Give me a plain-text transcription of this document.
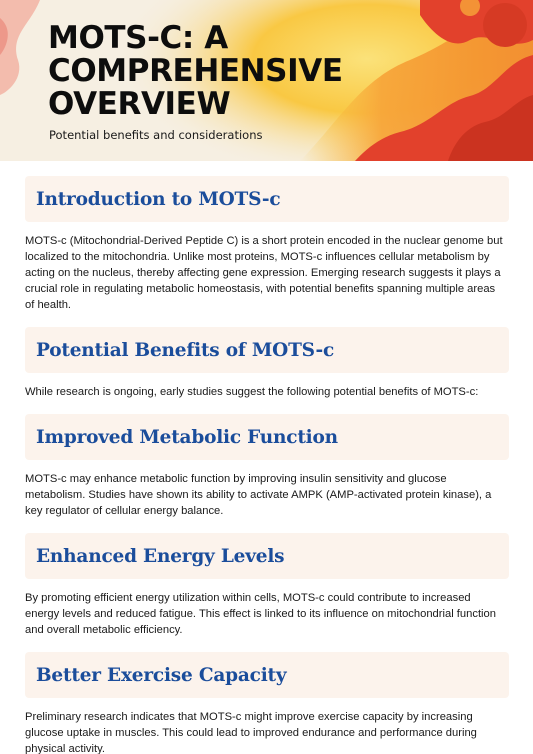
MOTS-C: A
COMPREHENSIVE
OVERVIEW

Potential benefits and considerations

Introduction to MOTS-c

MOTS-c (Mitochondrial-Derived Peptide C) is a short protein encoded in the nuclear genome but localized to the mitochondria. Unlike most proteins, MOTS-c influences cellular metabolism by acting on the nucleus, thereby affecting gene expression. Emerging research suggests it plays a crucial role in regulating metabolic homeostasis, with potential benefits spanning multiple areas of health.

Potential Benefits of MOTS-c

While research is ongoing, early studies suggest the following potential benefits of MOTS-c:

Improved Metabolic Function

MOTS-c may enhance metabolic function by improving insulin sensitivity and glucose metabolism. Studies have shown its ability to activate AMPK (AMP-activated protein kinase), a key regulator of cellular energy balance.

Enhanced Energy Levels

By promoting efficient energy utilization within cells, MOTS-c could contribute to increased energy levels and reduced fatigue. This effect is linked to its influence on mitochondrial function and overall metabolic efficiency.

Better Exercise Capacity

Preliminary research indicates that MOTS-c might improve exercise capacity by increasing glucose uptake in muscles. This could lead to improved endurance and performance during physical activity.
